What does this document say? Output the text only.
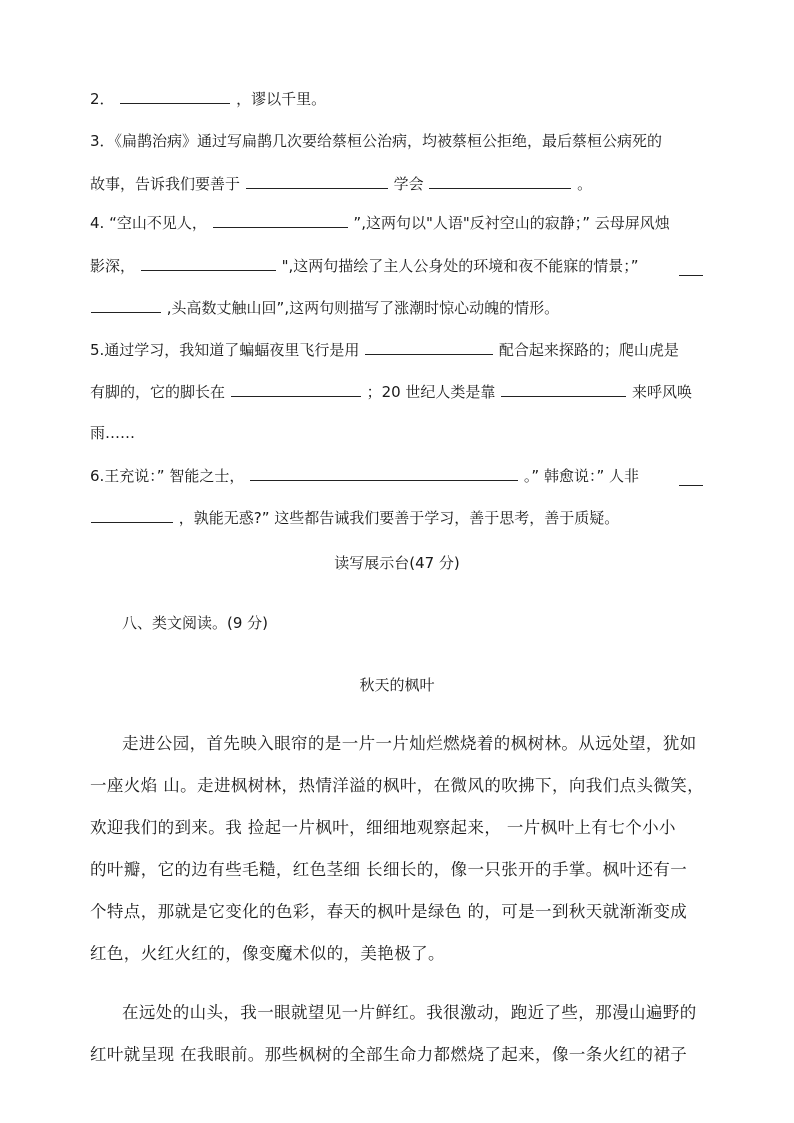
2．	，谬以千里。
3．《扁鹊治病》通过写扁鹊几次要给蔡桓公治病，均被蔡桓公拒绝，最后蔡桓公病死的
故事，告诉我们要善于	学会	。
4. “空山不见人，	”,这两句以"人语"反衬空山的寂静；” 云母屏风烛
影深，	",这两句描绘了主人公身处的环境和夜不能寐的情景；”
,头高数丈触山回”,这两句则描写了涨潮时惊心动魄的情形。
5.通过学习，我知道了蝙蝠夜里飞行是用	配合起来探路的；爬山虎是
有脚的，它的脚长在	；20 世纪人类是靠	来呼风唤
雨……
6.王充说：” 智能之士，	。” 韩愈说：” 人非
，孰能无惑?” 这些都告诫我们要善于学习，善于思考，善于质疑。
读写展示台(47 分)
八、类文阅读。(9 分)
秋天的枫叶
走进公园，首先映入眼帘的是一片一片灿烂燃烧着的枫树林。从远处望，犹如
一座火焰 山。走进枫树林，热情洋溢的枫叶，在微风的吹拂下，向我们点头微笑，
欢迎我们的到来。我 捡起一片枫叶，细细地观察起来， 一片枫叶上有七个小小
的叶瓣，它的边有些毛糙，红色茎细 长细长的，像一只张开的手掌。枫叶还有一
个特点，那就是它变化的色彩，春天的枫叶是绿色 的，可是一到秋天就渐渐变成
红色，火红火红的，像变魔术似的，美艳极了。
在远处的山头，我一眼就望见一片鲜红。我很激动，跑近了些，那漫山遍野的
红叶就呈现 在我眼前。那些枫树的全部生命力都燃烧了起来，像一条火红的裙子
